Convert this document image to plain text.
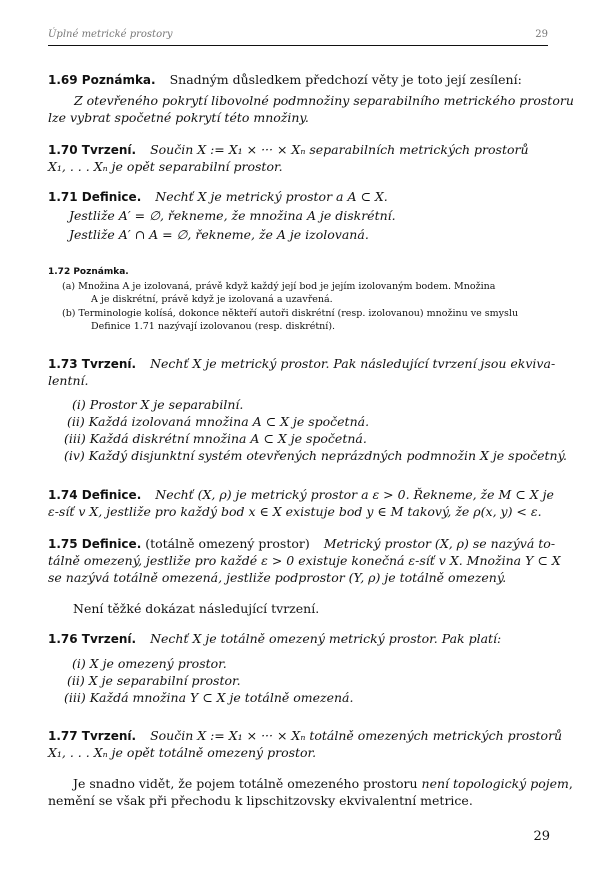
Úplné metrické prostory	29
1.69 Poznámka. Snadným důsledkem předchozí věty je toto její zesílení:
Z otevřeného pokrytí libovolné podmnožiny separabilního metrického prostoru
lze vybrat spočetné pokrytí této množiny.
1.70 Tvrzení. Součin X := X₁ × ··· × Xₙ separabilních metrických prostorů
X₁, . . . Xₙ je opět separabilní prostor.
1.71 Definice. Nechť X je metrický prostor a A ⊂ X.
Jestliže A′ = ∅, řekneme, že množina A je diskrétní.
Jestliže A′ ∩ A = ∅, řekneme, že A je izolovaná.
1.72 Poznámka.
(a) Množina A je izolovaná, právě když každý její bod je jejím izolovaným bodem. Množina
A je diskrétní, právě když je izolovaná a uzavřená.
(b) Terminologie kolísá, dokonce někteří autoři diskrétní (resp. izolovanou) množinu ve smyslu
Definice 1.71 nazývají izolovanou (resp. diskrétní).
1.73 Tvrzení. Nechť X je metrický prostor. Pak následující tvrzení jsou ekviva-
lentní.
(i) Prostor X je separabilní.
(ii) Každá izolovaná množina A ⊂ X je spočetná.
(iii) Každá diskrétní množina A ⊂ X je spočetná.
(iv) Každý disjunktní systém otevřených neprázdných podmnožin X je spočetný.
1.74 Definice. Nechť (X, ρ) je metrický prostor a ε > 0. Řekneme, že M ⊂ X je
ε-síť v X, jestliže pro každý bod x ∈ X existuje bod y ∈ M takový, že ρ(x, y) < ε.
1.75 Definice. (totálně omezený prostor) Metrický prostor (X, ρ) se nazývá to-
tálně omezený, jestliže pro každé ε > 0 existuje konečná ε-síť v X. Množina Y ⊂ X
se nazývá totálně omezená, jestliže podprostor (Y, ρ) je totálně omezený.
Není těžké dokázat následující tvrzení.
1.76 Tvrzení. Nechť X je totálně omezený metrický prostor. Pak platí:
(i) X je omezený prostor.
(ii) X je separabilní prostor.
(iii) Každá množina Y ⊂ X je totálně omezená.
1.77 Tvrzení. Součin X := X₁ × ··· × Xₙ totálně omezených metrických prostorů
X₁, . . . Xₙ je opět totálně omezený prostor.
Je snadno vidět, že pojem totálně omezeného prostoru není topologický pojem,
nemění se však při přechodu k lipschitzovsky ekvivalentní metrice.
29
